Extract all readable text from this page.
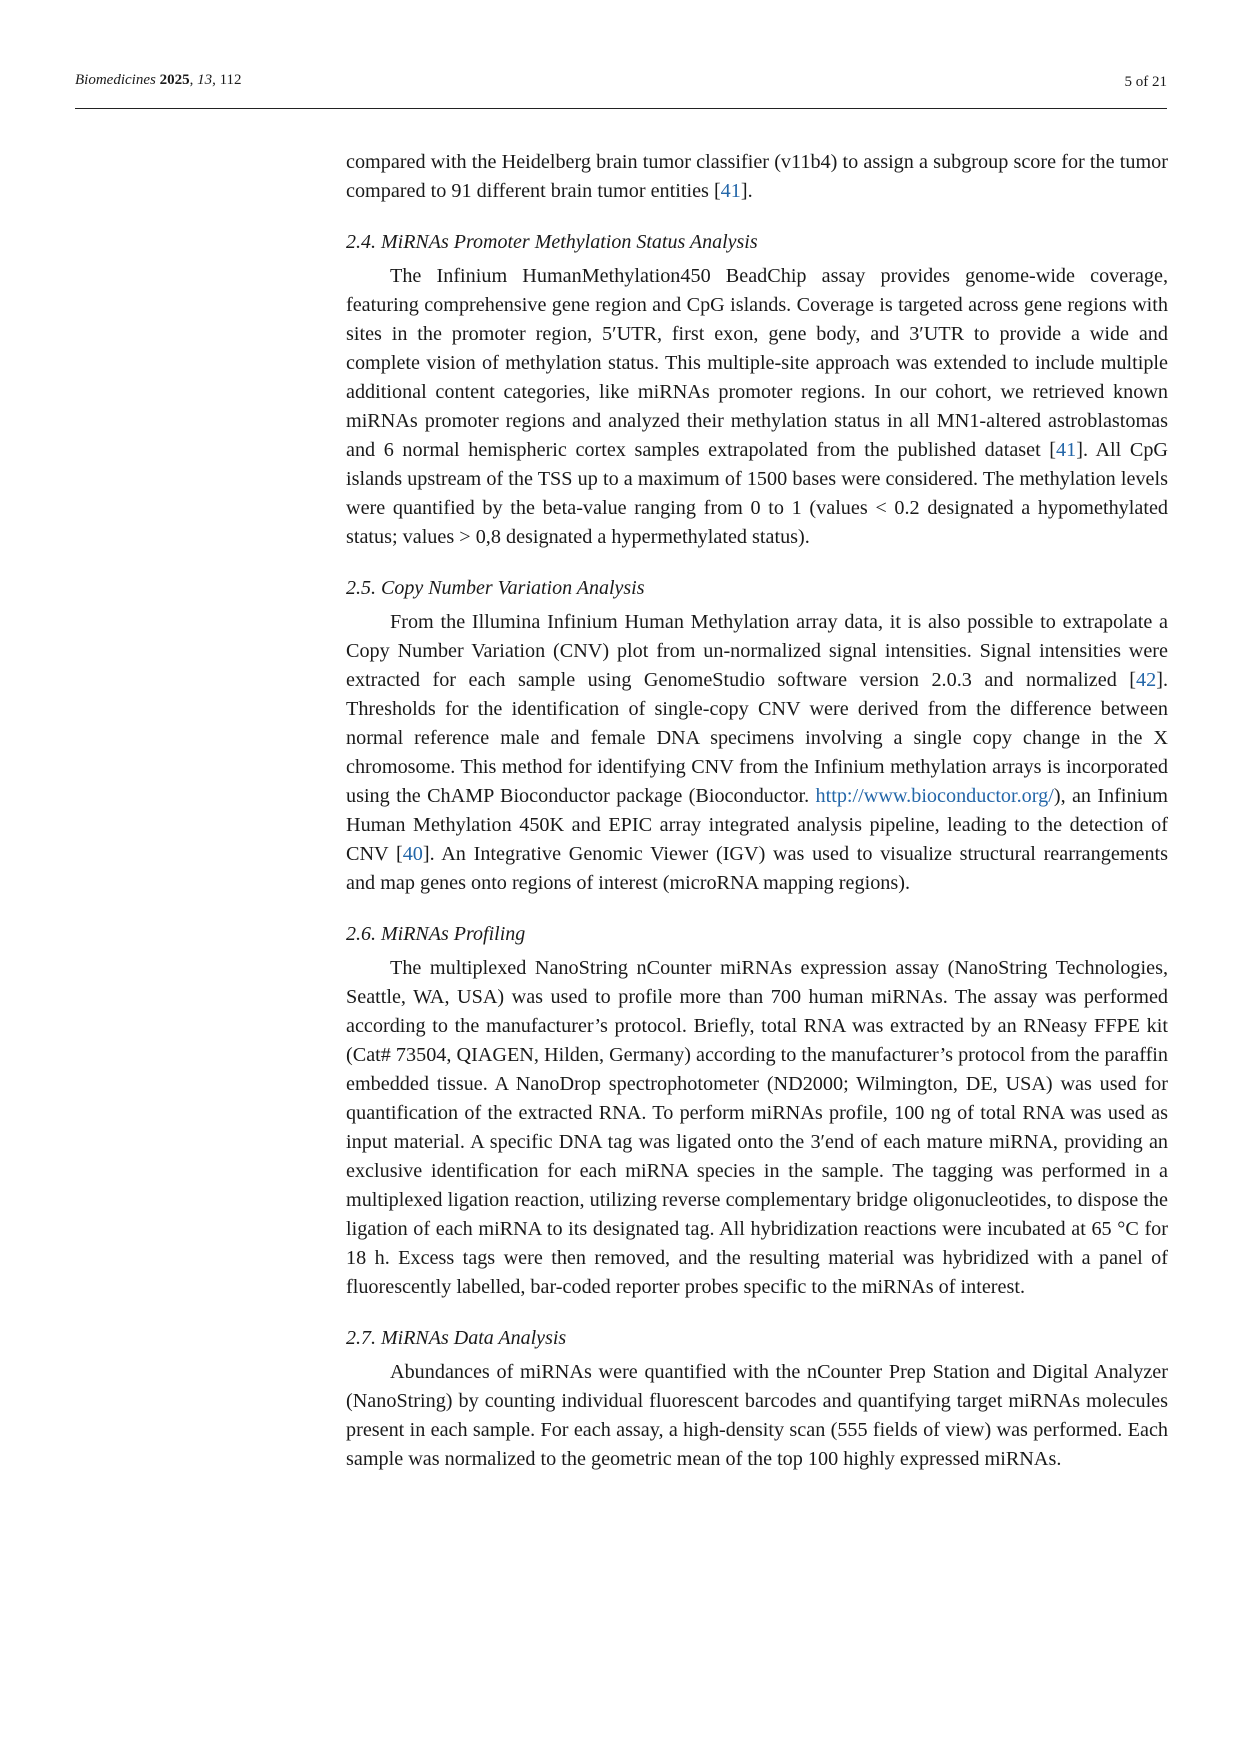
Biomedicines 2025, 13, 112	5 of 21

compared with the Heidelberg brain tumor classifier (v11b4) to assign a subgroup score for the tumor compared to 91 different brain tumor entities [41].

2.4. MiRNAs Promoter Methylation Status Analysis

The Infinium HumanMethylation450 BeadChip assay provides genome-wide coverage, featuring comprehensive gene region and CpG islands. Coverage is targeted across gene regions with sites in the promoter region, 5′UTR, first exon, gene body, and 3′UTR to provide a wide and complete vision of methylation status. This multiple-site approach was extended to include multiple additional content categories, like miRNAs promoter regions. In our cohort, we retrieved known miRNAs promoter regions and analyzed their methylation status in all MN1-altered astroblastomas and 6 normal hemispheric cortex samples extrapolated from the published dataset [41]. All CpG islands upstream of the TSS up to a maximum of 1500 bases were considered. The methylation levels were quantified by the beta-value ranging from 0 to 1 (values < 0.2 designated a hypomethylated status; values > 0,8 designated a hypermethylated status).

2.5. Copy Number Variation Analysis

From the Illumina Infinium Human Methylation array data, it is also possible to extrapolate a Copy Number Variation (CNV) plot from un-normalized signal intensities. Signal intensities were extracted for each sample using GenomeStudio software version 2.0.3 and normalized [42]. Thresholds for the identification of single-copy CNV were derived from the difference between normal reference male and female DNA specimens involving a single copy change in the X chromosome. This method for identifying CNV from the Infinium methylation arrays is incorporated using the ChAMP Bioconductor package (Bioconductor. http://www.bioconductor.org/), an Infinium Human Methylation 450K and EPIC array integrated analysis pipeline, leading to the detection of CNV [40]. An Integrative Genomic Viewer (IGV) was used to visualize structural rearrangements and map genes onto regions of interest (microRNA mapping regions).

2.6. MiRNAs Profiling

The multiplexed NanoString nCounter miRNAs expression assay (NanoString Technologies, Seattle, WA, USA) was used to profile more than 700 human miRNAs. The assay was performed according to the manufacturer’s protocol. Briefly, total RNA was extracted by an RNeasy FFPE kit (Cat# 73504, QIAGEN, Hilden, Germany) according to the manufacturer’s protocol from the paraffin embedded tissue. A NanoDrop spectrophotometer (ND2000; Wilmington, DE, USA) was used for quantification of the extracted RNA. To perform miRNAs profile, 100 ng of total RNA was used as input material. A specific DNA tag was ligated onto the 3′end of each mature miRNA, providing an exclusive identification for each miRNA species in the sample. The tagging was performed in a multiplexed ligation reaction, utilizing reverse complementary bridge oligonucleotides, to dispose the ligation of each miRNA to its designated tag. All hybridization reactions were incubated at 65 °C for 18 h. Excess tags were then removed, and the resulting material was hybridized with a panel of fluorescently labelled, bar-coded reporter probes specific to the miRNAs of interest.

2.7. MiRNAs Data Analysis

Abundances of miRNAs were quantified with the nCounter Prep Station and Digital Analyzer (NanoString) by counting individual fluorescent barcodes and quantifying target miRNAs molecules present in each sample. For each assay, a high-density scan (555 fields of view) was performed. Each sample was normalized to the geometric mean of the top 100 highly expressed miRNAs.
